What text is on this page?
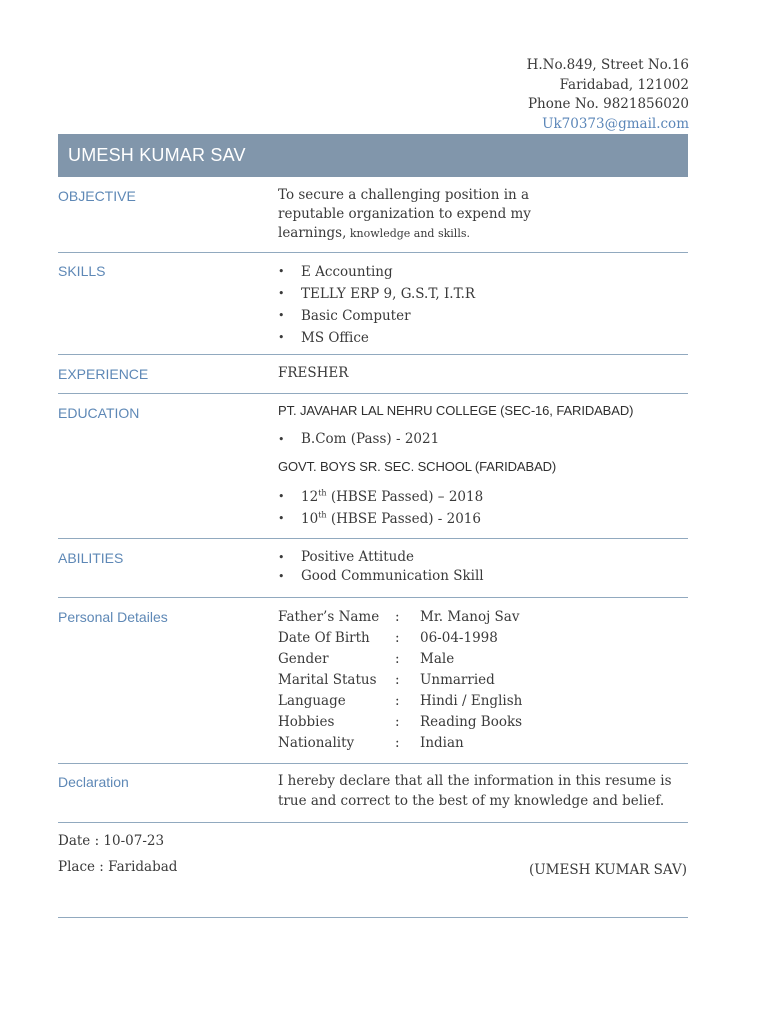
H.No.849, Street No.16
Faridabad, 121002
Phone No. 9821856020
Uk70373@gmail.com
UMESH KUMAR SAV
OBJECTIVE	To secure a challenging position in a reputable organization to expend my learnings, knowledge and skills.
SKILLS	• E Accounting
• TELLY ERP 9, G.S.T, I.T.R
• Basic Computer
• MS Office
EXPERIENCE	FRESHER
EDUCATION	PT. JAVAHAR LAL NEHRU COLLEGE (SEC-16, FARIDABAD)
• B.Com (Pass) - 2021
GOVT. BOYS SR. SEC. SCHOOL (FARIDABAD)
• 12th (HBSE Passed) – 2018
• 10th (HBSE Passed) - 2016
ABILITIES	• Positive Attitude
• Good Communication Skill
Personal Detailes	Father’s Name : Mr. Manoj Sav
Date Of Birth : 06-04-1998
Gender	: Male
Marital Status : Unmarried
Language	: Hindi / English
Hobbies	: Reading Books
Nationality	: Indian
Declaration	I hereby declare that all the information in this resume is true and correct to the best of my knowledge and belief.
Date : 10-07-23
Place : Faridabad	(UMESH KUMAR SAV)
